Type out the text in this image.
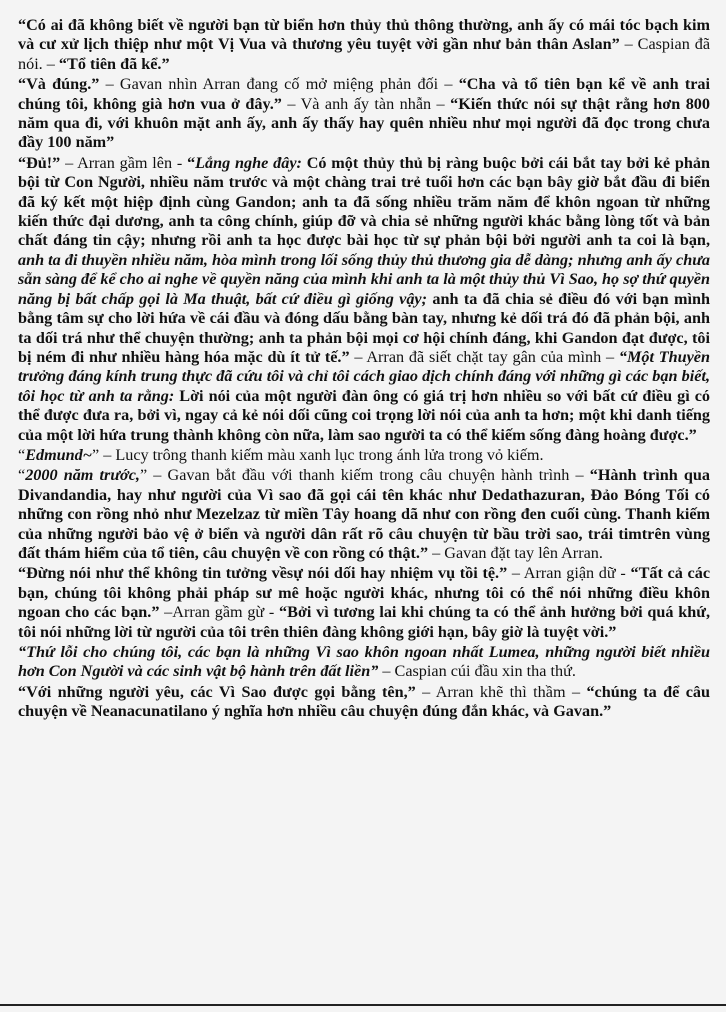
“Có ai đã không biết về người bạn từ biển hơn thủy thủ thông thường, anh ấy có mái tóc bạch kim và cư xử lịch thiệp như một Vị Vua và thương yêu tuyệt vời gần như bản thân Aslan” – Caspian đã nói. – “Tổ tiên đã kể.”

“Và đúng.” – Gavan nhìn Arran đang cố mở miệng phản đối – “Cha và tổ tiên bạn kể về anh trai chúng tôi, không già hơn vua ở đây.” – Và anh ấy tàn nhẫn – “Kiến thức nói sự thật rằng hơn 800 năm qua đi, với khuôn mặt anh ấy, anh ấy thấy hay quên nhiều như mọi người đã đọc trong chưa đầy 100 năm”

“Đủ!” – Arran gầm lên - “Lắng nghe đây: Có một thủy thủ bị ràng buộc bởi cái bắt tay bởi kẻ phản bội từ Con Người, nhiều năm trước và một chàng trai trẻ tuổi hơn các bạn bây giờ bắt đầu đi biển đã ký kết một hiệp định cùng Gandon; anh ta đã sống nhiều trăm năm để khôn ngoan từ những kiến thức đại dương, anh ta công chính, giúp đỡ và chia sẻ những người khác bằng lòng tốt và bản chất đáng tin cậy; nhưng rồi anh ta học được bài học từ sự phản bội bởi người anh ta coi là bạn, anh ta đi thuyền nhiều năm, hòa mình trong lối sống thủy thủ thương gia dễ dàng; nhưng anh ấy chưa sẵn sàng để kể cho ai nghe về quyền năng của mình khi anh ta là một thủy thủ Vì Sao, họ sợ thứ quyền năng bị bất chấp gọi là Ma thuật, bất cứ điều gì giống vậy; anh ta đã chia sẻ điều đó với bạn mình bằng tâm sự cho lời hứa về cái đầu và đóng dấu bằng bàn tay, nhưng kẻ dối trá đó đã phản bội, anh ta dối trá như thể chuyện thường; anh ta phản bội mọi cơ hội chính đáng, khi Gandon đạt được, tôi bị ném đi như nhiều hàng hóa mặc dù ít tử tế.” – Arran đã siết chặt tay gân của mình – “Một Thuyền trưởng đáng kính trung thực đã cứu tôi và chỉ tôi cách giao dịch chính đáng với những gì các bạn biết, tôi học từ anh ta rằng: Lời nói của một người đàn ông có giá trị hơn nhiều so với bất cứ điều gì có thể được đưa ra, bởi vì, ngay cả kẻ nói dối cũng coi trọng lời nói của anh ta hơn; một khi danh tiếng của một lời hứa trung thành không còn nữa, làm sao người ta có thể kiếm sống đàng hoàng được.”

“Edmund~” – Lucy trông thanh kiếm màu xanh lục trong ánh lửa trong vỏ kiếm.

“2000 năm trước,” – Gavan bắt đầu với thanh kiếm trong câu chuyện hành trình – “Hành trình qua Divandandia, hay như người của Vì sao đã gọi cái tên khác như Dedathazuran, Đảo Bóng Tối có những con rồng nhỏ như Mezelzaz từ miền Tây hoang dã như con rồng đen cuối cùng. Thanh kiếm của những người bảo vệ ở biển và người dân rất rõ câu chuyện từ bầu trời sao, trái timtrên vùng đất thám hiểm của tổ tiên, câu chuyện về con rồng có thật.” – Gavan đặt tay lên Arran.

“Đừng nói như thể không tin tưởng vềsự nói dối hay nhiệm vụ tồi tệ.” – Arran giận dữ - “Tất cả các bạn, chúng tôi không phải pháp sư mê hoặc người khác, nhưng tôi có thể nói những điều khôn ngoan cho các bạn.” –Arran gầm gừ - “Bởi vì tương lai khi chúng ta có thể ảnh hưởng bởi quá khứ, tôi nói những lời từ người của tôi trên thiên đàng không giới hạn, bây giờ là tuyệt vời.”

“Thứ lỗi cho chúng tôi, các bạn là những Vì sao khôn ngoan nhất Lumea, những người biết nhiều hơn Con Người và các sinh vật bộ hành trên đất liền” – Caspian cúi đầu xin tha thứ.

“Với những người yêu, các Vì Sao được gọi bằng tên,” – Arran khẽ thì thầm – “chúng ta để câu chuyện về Neanacunatilano ý nghĩa hơn nhiều câu chuyện đúng đắn khác, và Gavan.”
